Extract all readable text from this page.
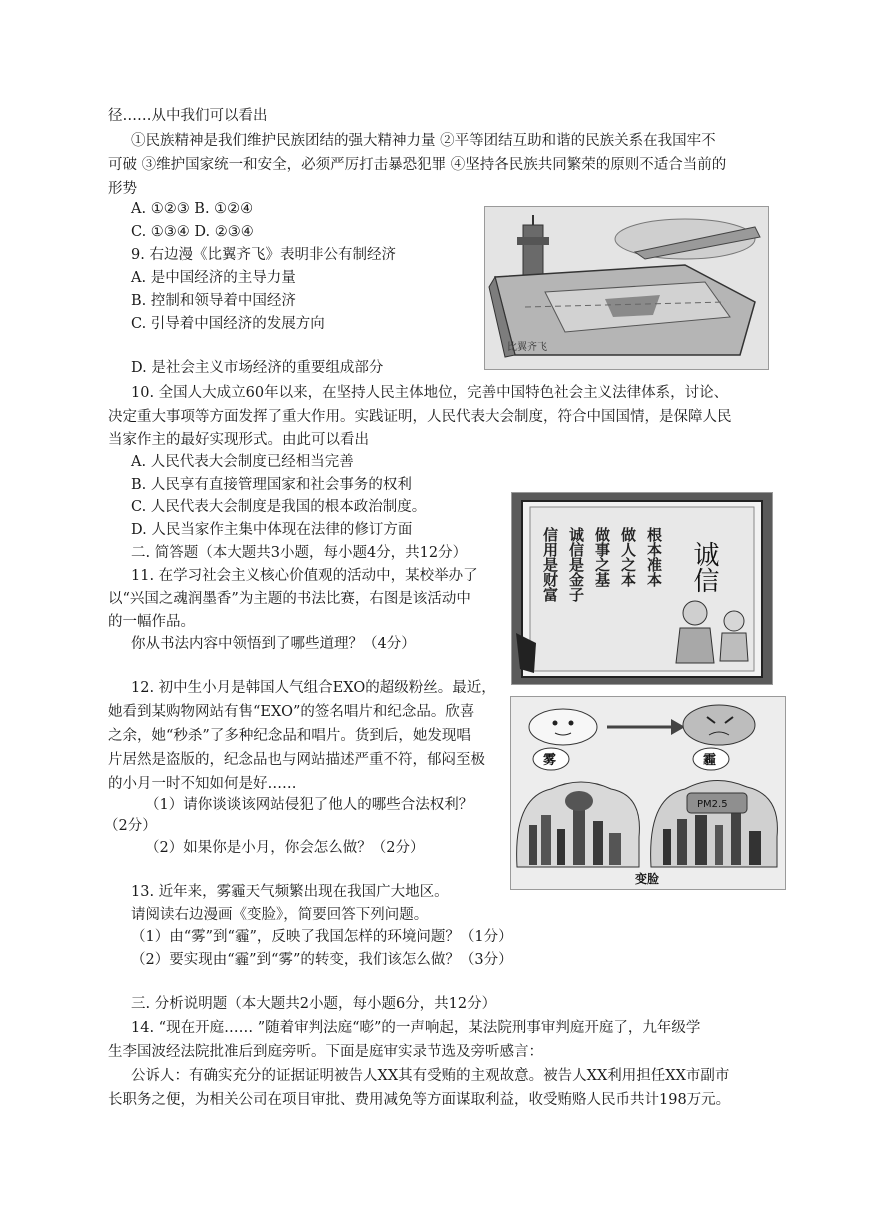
径……从中我们可以看出
①民族精神是我们维护民族团结的强大精神力量 ②平等团结互助和谐的民族关系在我国牢不
可破 ③维护国家统一和安全，必须严厉打击暴恐犯罪 ④坚持各民族共同繁荣的原则不适合当前的
形势
A. ①②③ B. ①②④
C. ①③④ D. ②③④
9. 右边漫《比翼齐飞》表明非公有制经济
A. 是中国经济的主导力量
B. 控制和领导着中国经济
C. 引导着中国经济的发展方向
D. 是社会主义市场经济的重要组成部分
10. 全国人大成立60年以来，在坚持人民主体地位，完善中国特色社会主义法律体系，讨论、
决定重大事项等方面发挥了重大作用。实践证明，人民代表大会制度，符合中国国情，是保障人民
当家作主的最好实现形式。由此可以看出
A. 人民代表大会制度已经相当完善
B. 人民享有直接管理国家和社会事务的权利
C. 人民代表大会制度是我国的根本政治制度。
D. 人民当家作主集中体现在法律的修订方面
二. 简答题（本大题共3小题，每小题4分，共12分）
11. 在学习社会主义核心价值观的活动中，某校举办了
以“兴国之魂润墨香”为主题的书法比赛，右图是该活动中
的一幅作品。
你从书法内容中领悟到了哪些道理？（4分）
12. 初中生小月是韩国人气组合EXO的超级粉丝。最近，
她看到某购物网站有售“EXO”的签名唱片和纪念品。欣喜
之余，她“秒杀”了多种纪念品和唱片。货到后，她发现唱
片居然是盗版的，纪念品也与网站描述严重不符，郁闷至极
的小月一时不知如何是好……
（1）请你谈谈该网站侵犯了他人的哪些合法权利？
（2分）
（2）如果你是小月，你会怎么做？（2分）
13. 近年来，雾霾天气频繁出现在我国广大地区。
请阅读右边漫画《变脸》，简要回答下列问题。
（1）由“雾”到“霾”，反映了我国怎样的环境问题？（1分）
（2）要实现由“霾”到“雾”的转变，我们该怎么做？（3分）
三. 分析说明题（本大题共2小题，每小题6分，共12分）
14. “现在开庭…… ”随着审判法庭“嘭”的一声响起，某法院刑事审判庭开庭了，九年级学
生李国波经法院批准后到庭旁听。下面是庭审实录节选及旁听感言：
公诉人：有确实充分的证据证明被告人XX其有受贿的主观故意。被告人XX利用担任XX市副市
长职务之便，为相关公司在项目审批、费用减免等方面谋取利益，收受贿赂人民币共计198万元。
比翼齐飞
信用是财富 诚信是金子 做事之基 做人之本 根本准本 诚信
雾	霾
PM2.5
变脸
